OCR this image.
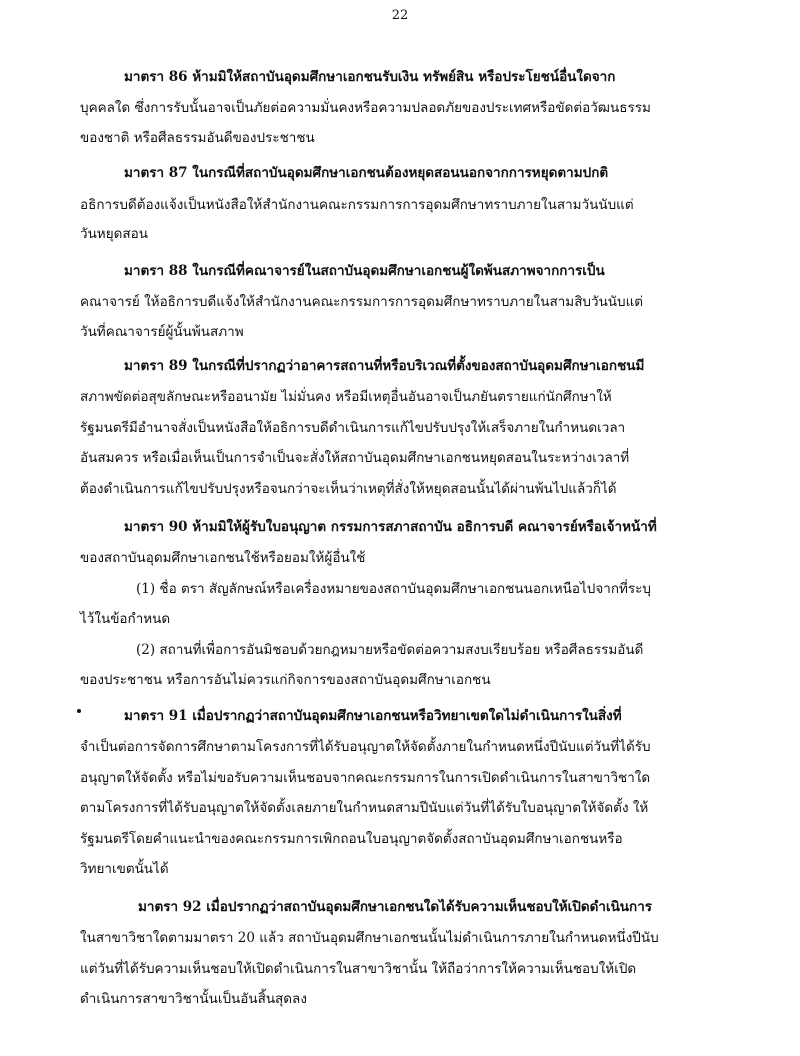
22
มาตรา 86 ห้ามมิให้สถาบันอุดมศึกษาเอกชนรับเงิน ทรัพย์สิน หรือประโยชน์อื่นใดจาก
บุคคลใด ซึ่งการรับนั้นอาจเป็นภัยต่อความมั่นคงหรือความปลอดภัยของประเทศหรือขัดต่อวัฒนธรรม
ของชาติ หรือศีลธรรมอันดีของประชาชน
มาตรา 87 ในกรณีที่สถาบันอุดมศึกษาเอกชนต้องหยุดสอนนอกจากการหยุดตามปกติ
อธิการบดีต้องแจ้งเป็นหนังสือให้สำนักงานคณะกรรมการการอุดมศึกษาทราบภายในสามวันนับแต่
วันหยุดสอน
มาตรา 88 ในกรณีที่คณาจารย์ในสถาบันอุดมศึกษาเอกชนผู้ใดพ้นสภาพจากการเป็น
คณาจารย์ ให้อธิการบดีแจ้งให้สำนักงานคณะกรรมการการอุดมศึกษาทราบภายในสามสิบวันนับแต่
วันที่คณาจารย์ผู้นั้นพ้นสภาพ
มาตรา 89 ในกรณีที่ปรากฏว่าอาคารสถานที่หรือบริเวณที่ตั้งของสถาบันอุดมศึกษาเอกชนมี
สภาพขัดต่อสุขลักษณะหรืออนามัย ไม่มั่นคง หรือมีเหตุอื่นอันอาจเป็นภยันตรายแก่นักศึกษาให้
รัฐมนตรีมีอำนาจสั่งเป็นหนังสือให้อธิการบดีดำเนินการแก้ไขปรับปรุงให้เสร็จภายในกำหนดเวลา
อันสมควร หรือเมื่อเห็นเป็นการจำเป็นจะสั่งให้สถาบันอุดมศึกษาเอกชนหยุดสอนในระหว่างเวลาที่
ต้องดำเนินการแก้ไขปรับปรุงหรือจนกว่าจะเห็นว่าเหตุที่สั่งให้หยุดสอนนั้นได้ผ่านพ้นไปแล้วก็ได้
มาตรา 90 ห้ามมิให้ผู้รับใบอนุญาต กรรมการสภาสถาบัน อธิการบดี คณาจารย์หรือเจ้าหน้าที่
ของสถาบันอุดมศึกษาเอกชนใช้หรือยอมให้ผู้อื่นใช้
(1) ชื่อ ตรา สัญลักษณ์หรือเครื่องหมายของสถาบันอุดมศึกษาเอกชนนอกเหนือไปจากที่ระบุ
ไว้ในข้อกำหนด
(2) สถานที่เพื่อการอันมิชอบด้วยกฎหมายหรือขัดต่อความสงบเรียบร้อย หรือศีลธรรมอันดี
ของประชาชน หรือการอันไม่ควรแก่กิจการของสถาบันอุดมศึกษาเอกชน
มาตรา 91 เมื่อปรากฏว่าสถาบันอุดมศึกษาเอกชนหรือวิทยาเขตใดไม่ดำเนินการในสิ่งที่
จำเป็นต่อการจัดการศึกษาตามโครงการที่ได้รับอนุญาตให้จัดตั้งภายในกำหนดหนึ่งปีนับแต่วันที่ได้รับ
อนุญาตให้จัดตั้ง หรือไม่ขอรับความเห็นชอบจากคณะกรรมการในการเปิดดำเนินการในสาขาวิชาใด
ตามโครงการที่ได้รับอนุญาตให้จัดตั้งเลยภายในกำหนดสามปีนับแต่วันที่ได้รับใบอนุญาตให้จัดตั้ง ให้
รัฐมนตรีโดยคำแนะนำของคณะกรรมการเพิกถอนใบอนุญาตจัดตั้งสถาบันอุดมศึกษาเอกชนหรือ
วิทยาเขตนั้นได้
มาตรา 92 เมื่อปรากฏว่าสถาบันอุดมศึกษาเอกชนใดได้รับความเห็นชอบให้เปิดดำเนินการ
ในสาขาวิชาใดตามมาตรา 20 แล้ว สถาบันอุดมศึกษาเอกชนนั้นไม่ดำเนินการภายในกำหนดหนึ่งปีนับ
แต่วันที่ได้รับความเห็นชอบให้เปิดดำเนินการในสาขาวิชานั้น ให้ถือว่าการให้ความเห็นชอบให้เปิด
ดำเนินการสาขาวิชานั้นเป็นอันสิ้นสุดลง
